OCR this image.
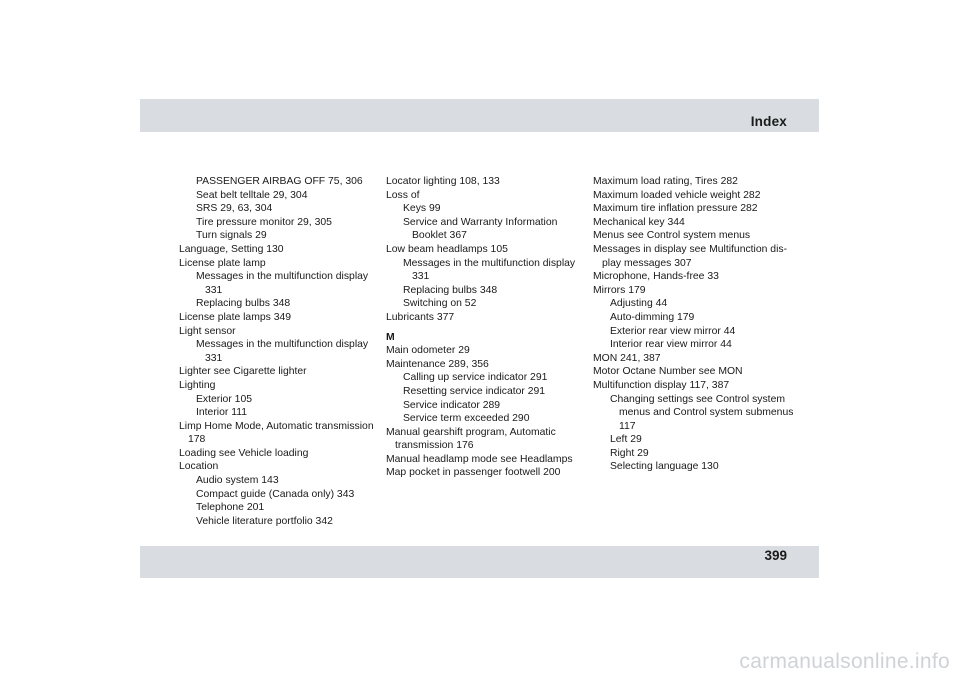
Index
PASSENGER AIRBAG OFF 75, 306
Seat belt telltale 29, 304
SRS 29, 63, 304
Tire pressure monitor 29, 305
Turn signals 29
Language, Setting 130
License plate lamp
Messages in the multifunction display 331
Replacing bulbs 348
License plate lamps 349
Light sensor
Messages in the multifunction display 331
Lighter see Cigarette lighter
Lighting
Exterior 105
Interior 111
Limp Home Mode, Automatic transmission 178
Loading see Vehicle loading
Location
Audio system 143
Compact guide (Canada only) 343
Telephone 201
Vehicle literature portfolio 342
Locator lighting 108, 133
Loss of
Keys 99
Service and Warranty Information Booklet 367
Low beam headlamps 105
Messages in the multifunction display 331
Replacing bulbs 348
Switching on 52
Lubricants 377
M
Main odometer 29
Maintenance 289, 356
Calling up service indicator 291
Resetting service indicator 291
Service indicator 289
Service term exceeded 290
Manual gearshift program, Automatic transmission 176
Manual headlamp mode see Headlamps
Map pocket in passenger footwell 200
Maximum load rating, Tires 282
Maximum loaded vehicle weight 282
Maximum tire inflation pressure 282
Mechanical key 344
Menus see Control system menus
Messages in display see Multifunction dis-play messages 307
Microphone, Hands-free 33
Mirrors 179
Adjusting 44
Auto-dimming 179
Exterior rear view mirror 44
Interior rear view mirror 44
MON 241, 387
Motor Octane Number see MON
Multifunction display 117, 387
Changing settings see Control system menus and Control system submenus 117
Left 29
Right 29
Selecting language 130
399
carmanualsonline.info
